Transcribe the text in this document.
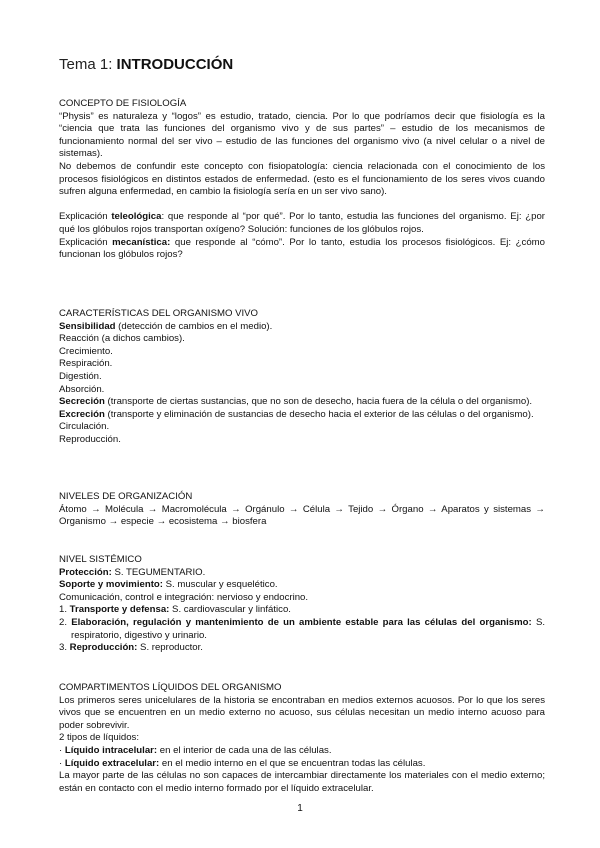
Tema 1: INTRODUCCIÓN

CONCEPTO DE FISIOLOGÍA

“Physis” es naturaleza y “logos” es estudio, tratado, ciencia. Por lo que podríamos decir que fisiología es la “ciencia que trata las funciones del organismo vivo y de sus partes” – estudio de los mecanismos de funcionamiento normal del ser vivo – estudio de las funciones del organismo vivo (a nivel celular o a nivel de sistemas).

No debemos de confundir este concepto con fisiopatología: ciencia relacionada con el conocimiento de los procesos fisiológicos en distintos estados de enfermedad. (esto es el funcionamiento de los seres vivos cuando sufren alguna enfermedad, en cambio la fisiología sería en un ser vivo sano).

Explicación teleológica: que responde al “por qué”. Por lo tanto, estudia las funciones del organismo. Ej: ¿por qué los glóbulos rojos transportan oxígeno? Solución: funciones de los glóbulos rojos.

Explicación mecanística: que responde al “cómo”. Por lo tanto, estudia los procesos fisiológicos. Ej: ¿cómo funcionan los glóbulos rojos?

CARACTERÍSTICAS DEL ORGANISMO VIVO

Sensibilidad (detección de cambios en el medio).

Reacción (a dichos cambios).

Crecimiento.

Respiración.

Digestión.

Absorción.

Secreción (transporte de ciertas sustancias, que no son de desecho, hacia fuera de la célula o del organismo).

Excreción (transporte y eliminación de sustancias de desecho hacia el exterior de las células o del organismo).

Circulación.

Reproducción.

NIVELES DE ORGANIZACIÓN

Átomo → Molécula → Macromolécula → Orgánulo → Célula → Tejido → Órgano → Aparatos y sistemas → Organismo → especie → ecosistema → biosfera

NIVEL SISTÉMICO

Protección: S. TEGUMENTARIO.

Soporte y movimiento: S. muscular y esquelético.

Comunicación, control e integración: nervioso y endocrino.

1. Transporte y defensa: S. cardiovascular y linfático.

2. Elaboración, regulación y mantenimiento de un ambiente estable para las células del organismo: S. respiratorio, digestivo y urinario.

3. Reproducción: S. reproductor.

COMPARTIMENTOS LÍQUIDOS DEL ORGANISMO

Los primeros seres unicelulares de la historia se encontraban en medios externos acuosos. Por lo que los seres vivos que se encuentren en un medio externo no acuoso, sus células necesitan un medio interno acuoso para poder sobrevivir.

2 tipos de líquidos:

· Líquido intracelular: en el interior de cada una de las células.

· Líquido extracelular: en el medio interno en el que se encuentran todas las células.

La mayor parte de las células no son capaces de intercambiar directamente los materiales con el medio externo; están en contacto con el medio interno formado por el líquido extracelular.

1
